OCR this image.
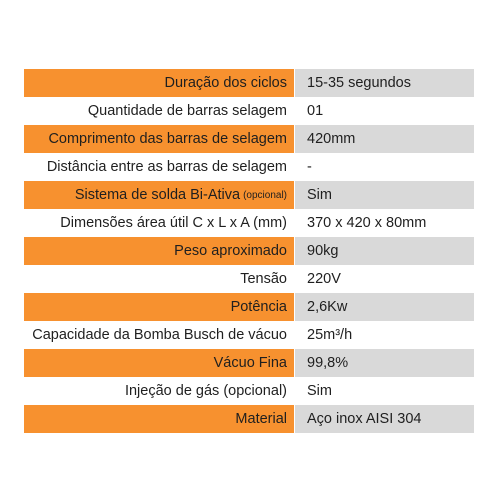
Duração dos ciclos 15-35 segundos
Quantidade de barras selagem 01
Comprimento das barras de selagem 420mm
Distância entre as barras de selagem -
Sistema de solda Bi-Ativa (opcional) Sim
Dimensões área útil C x L x A (mm) 370 x 420 x 80mm
Peso aproximado 90kg
Tensão 220V
Potência 2,6Kw
Capacidade da Bomba Busch de vácuo 25m³/h
Vácuo Fina 99,8%
Injeção de gás (opcional) Sim
Material Aço inox AISI 304
